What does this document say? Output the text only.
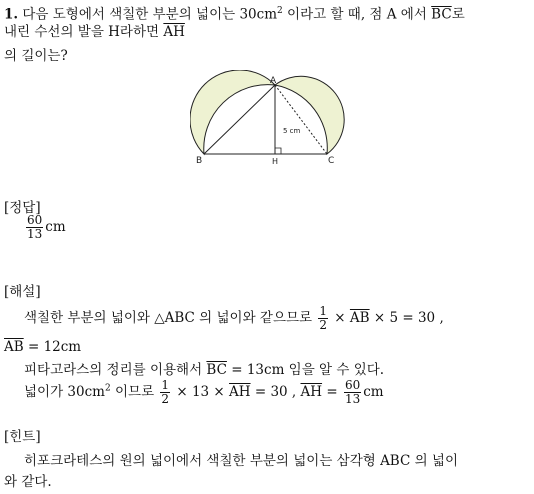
1. 다음 도형에서 색칠한 부분의 넓이는 $30cm^2$ 이라고 할 때, 점 A 에서 $\overline{BC}$로
내린 수선의 발을 H라하면 $\overline{AH}$
의 길이는?
A
B	C
H
5 cm
[정답]
$\frac{60}{13}$ cm
[해설]
색칠한 부분의 넓이와 △ABC 의 넓이와 같으므로 $\frac{1}{2} \times \overline{AB} \times 5 = 30$ ,
$\overline{AB} = 12cm$
피타고라스의 정리를 이용해서 $\overline{BC} = 13cm$ 임을 알 수 있다.
넓이가 $30cm^2$ 이므로 $\frac{1}{2} \times 13 \times \overline{AH} = 30$ , $\overline{AH} = \frac{60}{13}$ cm
[힌트]
히포크라테스의 원의 넓이에서 색칠한 부분의 넓이는 삼각형 ABC 의 넓이
와 같다.
